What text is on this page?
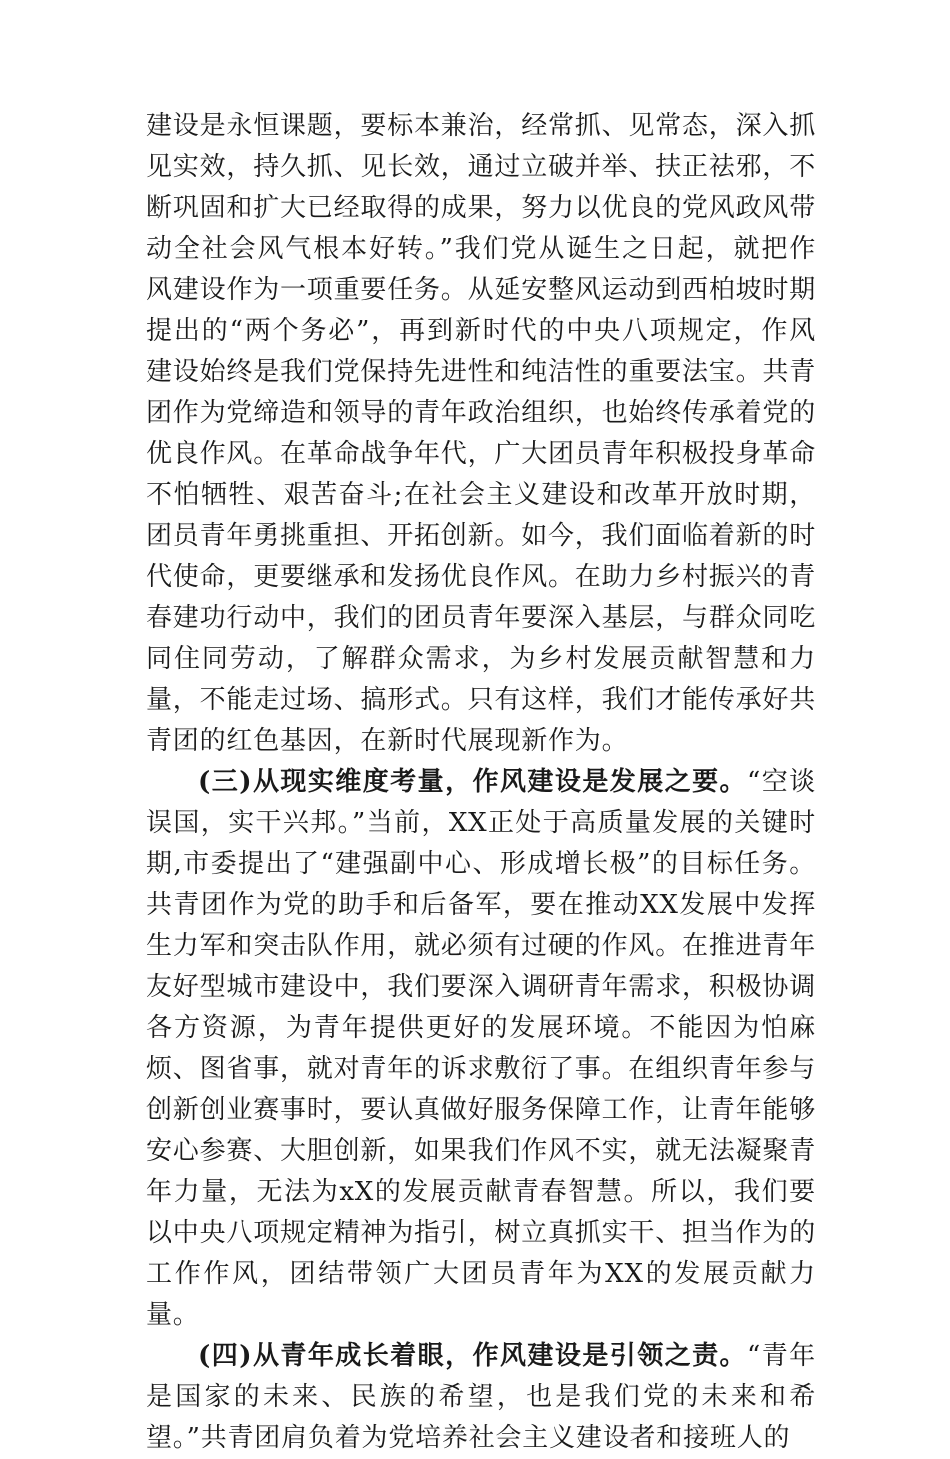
建设是永恒课题，要标本兼治，经常抓、见常态，深入抓见实效，持久抓、见长效，通过立破并举、扶正祛邪，不断巩固和扩大已经取得的成果，努力以优良的党风政风带动全社会风气根本好转。”我们党从诞生之日起，就把作风建设作为一项重要任务。从延安整风运动到西柏坡时期提出的“两个务必”，再到新时代的中央八项规定，作风建设始终是我们党保持先进性和纯洁性的重要法宝。共青团作为党缔造和领导的青年政治组织，也始终传承着党的优良作风。在革命战争年代，广大团员青年积极投身革命不怕牺牲、艰苦奋斗;在社会主义建设和改革开放时期，团员青年勇挑重担、开拓创新。如今，我们面临着新的时代使命，更要继承和发扬优良作风。在助力乡村振兴的青春建功行动中，我们的团员青年要深入基层，与群众同吃同住同劳动，了解群众需求，为乡村发展贡献智慧和力量，不能走过场、搞形式。只有这样，我们才能传承好共青团的红色基因，在新时代展现新作为。

(三)从现实维度考量，作风建设是发展之要。“空谈误国，实干兴邦。”当前，XX正处于高质量发展的关键时期,市委提出了“建强副中心、形成增长极”的目标任务。共青团作为党的助手和后备军，要在推动XX发展中发挥生力军和突击队作用，就必须有过硬的作风。在推进青年友好型城市建设中，我们要深入调研青年需求，积极协调各方资源，为青年提供更好的发展环境。不能因为怕麻烦、图省事，就对青年的诉求敷衍了事。在组织青年参与创新创业赛事时，要认真做好服务保障工作，让青年能够安心参赛、大胆创新，如果我们作风不实，就无法凝聚青年力量，无法为xX的发展贡献青春智慧。所以，我们要以中央八项规定精神为指引，树立真抓实干、担当作为的工作作风，团结带领广大团员青年为XX的发展贡献力量。

(四)从青年成长着眼，作风建设是引领之责。“青年是国家的未来、民族的希望，也是我们党的未来和希望。”共青团肩负着为党培养社会主义建设者和接班人的
